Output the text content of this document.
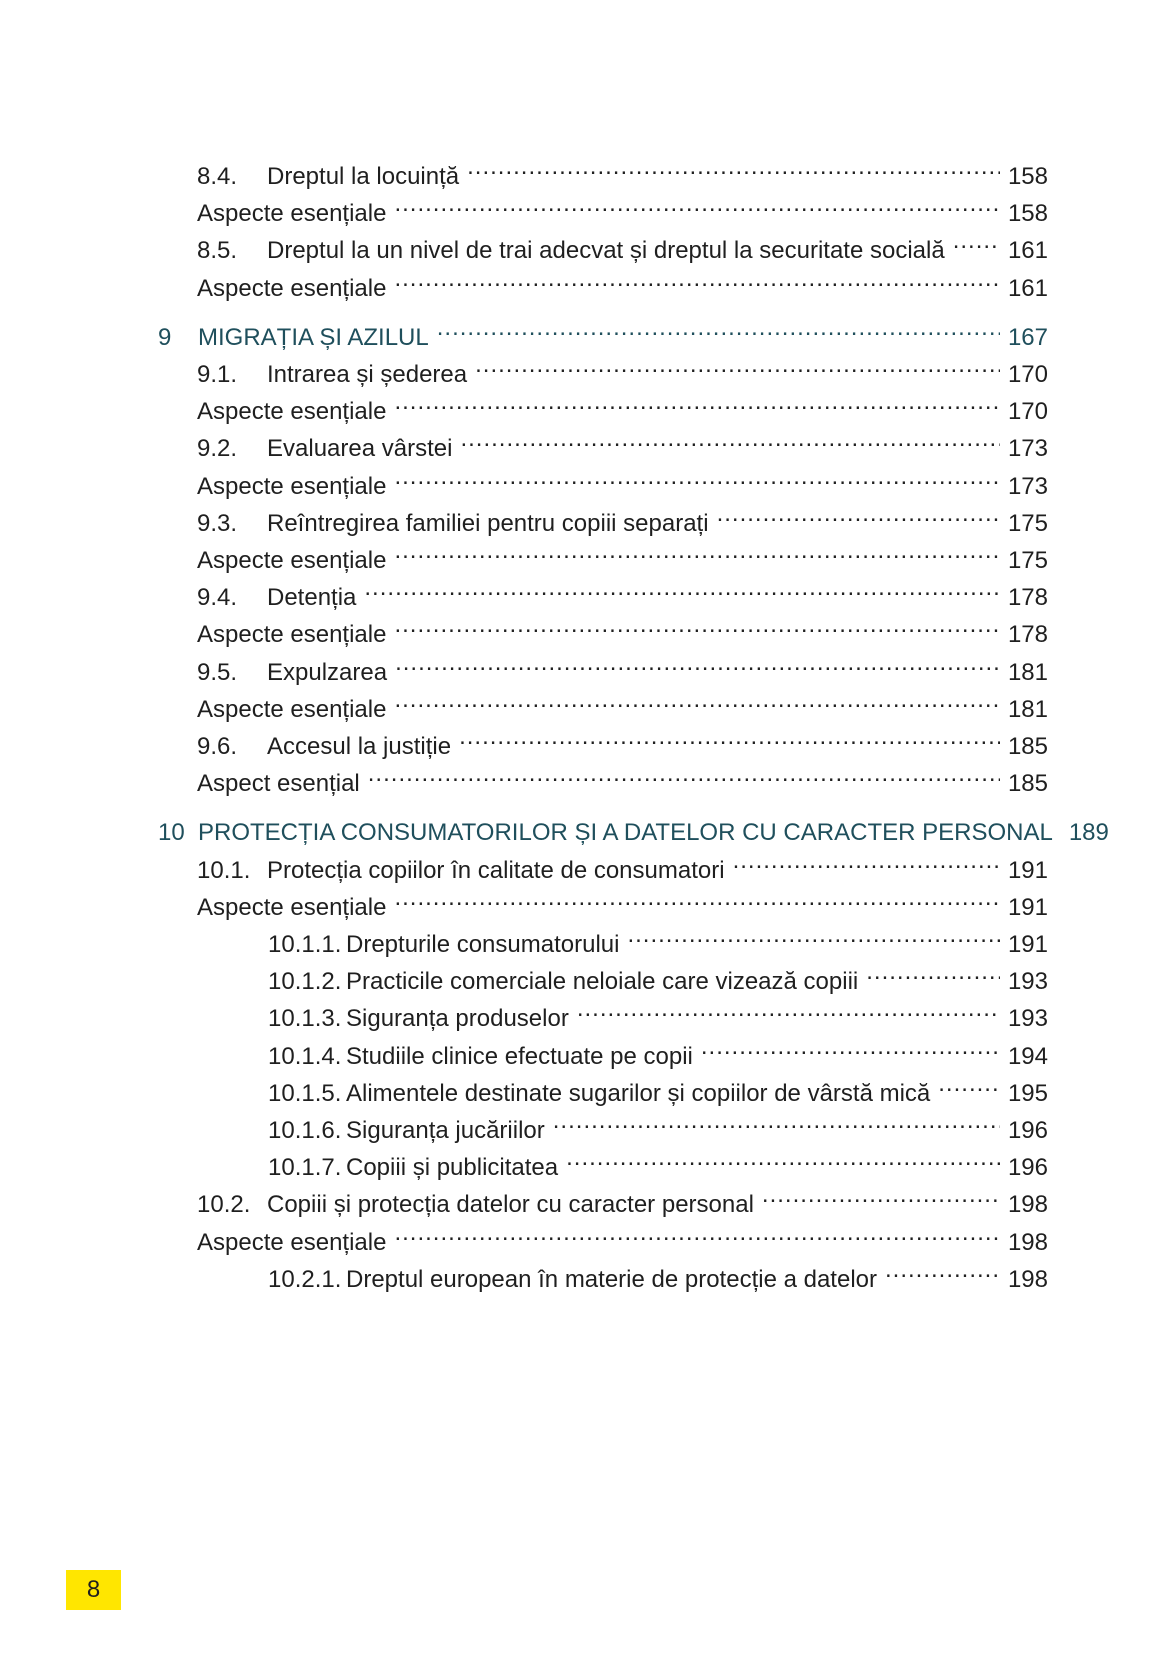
8.4.	Dreptul la locuință .....	158
Aspecte esențiale .....	158
8.5.	Dreptul la un nivel de trai adecvat și dreptul la securitate socială .....	161
Aspecte esențiale .....	161
9	MIGRAȚIA ȘI AZILUL .....	167
9.1.	Intrarea și șederea .....	170
Aspecte esențiale .....	170
9.2.	Evaluarea vârstei .....	173
Aspecte esențiale .....	173
9.3.	Reîntregirea familiei pentru copiii separați .....	175
Aspecte esențiale .....	175
9.4.	Detenția .....	178
Aspecte esențiale .....	178
9.5.	Expulzarea .....	181
Aspecte esențiale .....	181
9.6.	Accesul la justiție .....	185
Aspect esențial .....	185
10 PROTECȚIA CONSUMATORILOR ȘI A DATELOR CU CARACTER PERSONAL 189
10.1. Protecția copiilor în calitate de consumatori .....	191
Aspecte esențiale .....	191
10.1.1. Drepturile consumatorului .....	191
10.1.2. Practicile comerciale neloiale care vizează copiii .....	193
10.1.3. Siguranța produselor .....	193
10.1.4. Studiile clinice efectuate pe copii .....	194
10.1.5. Alimentele destinate sugarilor și copiilor de vârstă mică .....	195
10.1.6. Siguranța jucăriilor .....	196
10.1.7. Copiii și publicitatea .....	196
10.2. Copiii și protecția datelor cu caracter personal .....	198
Aspecte esențiale .....	198
10.2.1. Dreptul european în materie de protecție a datelor .....	198
8
